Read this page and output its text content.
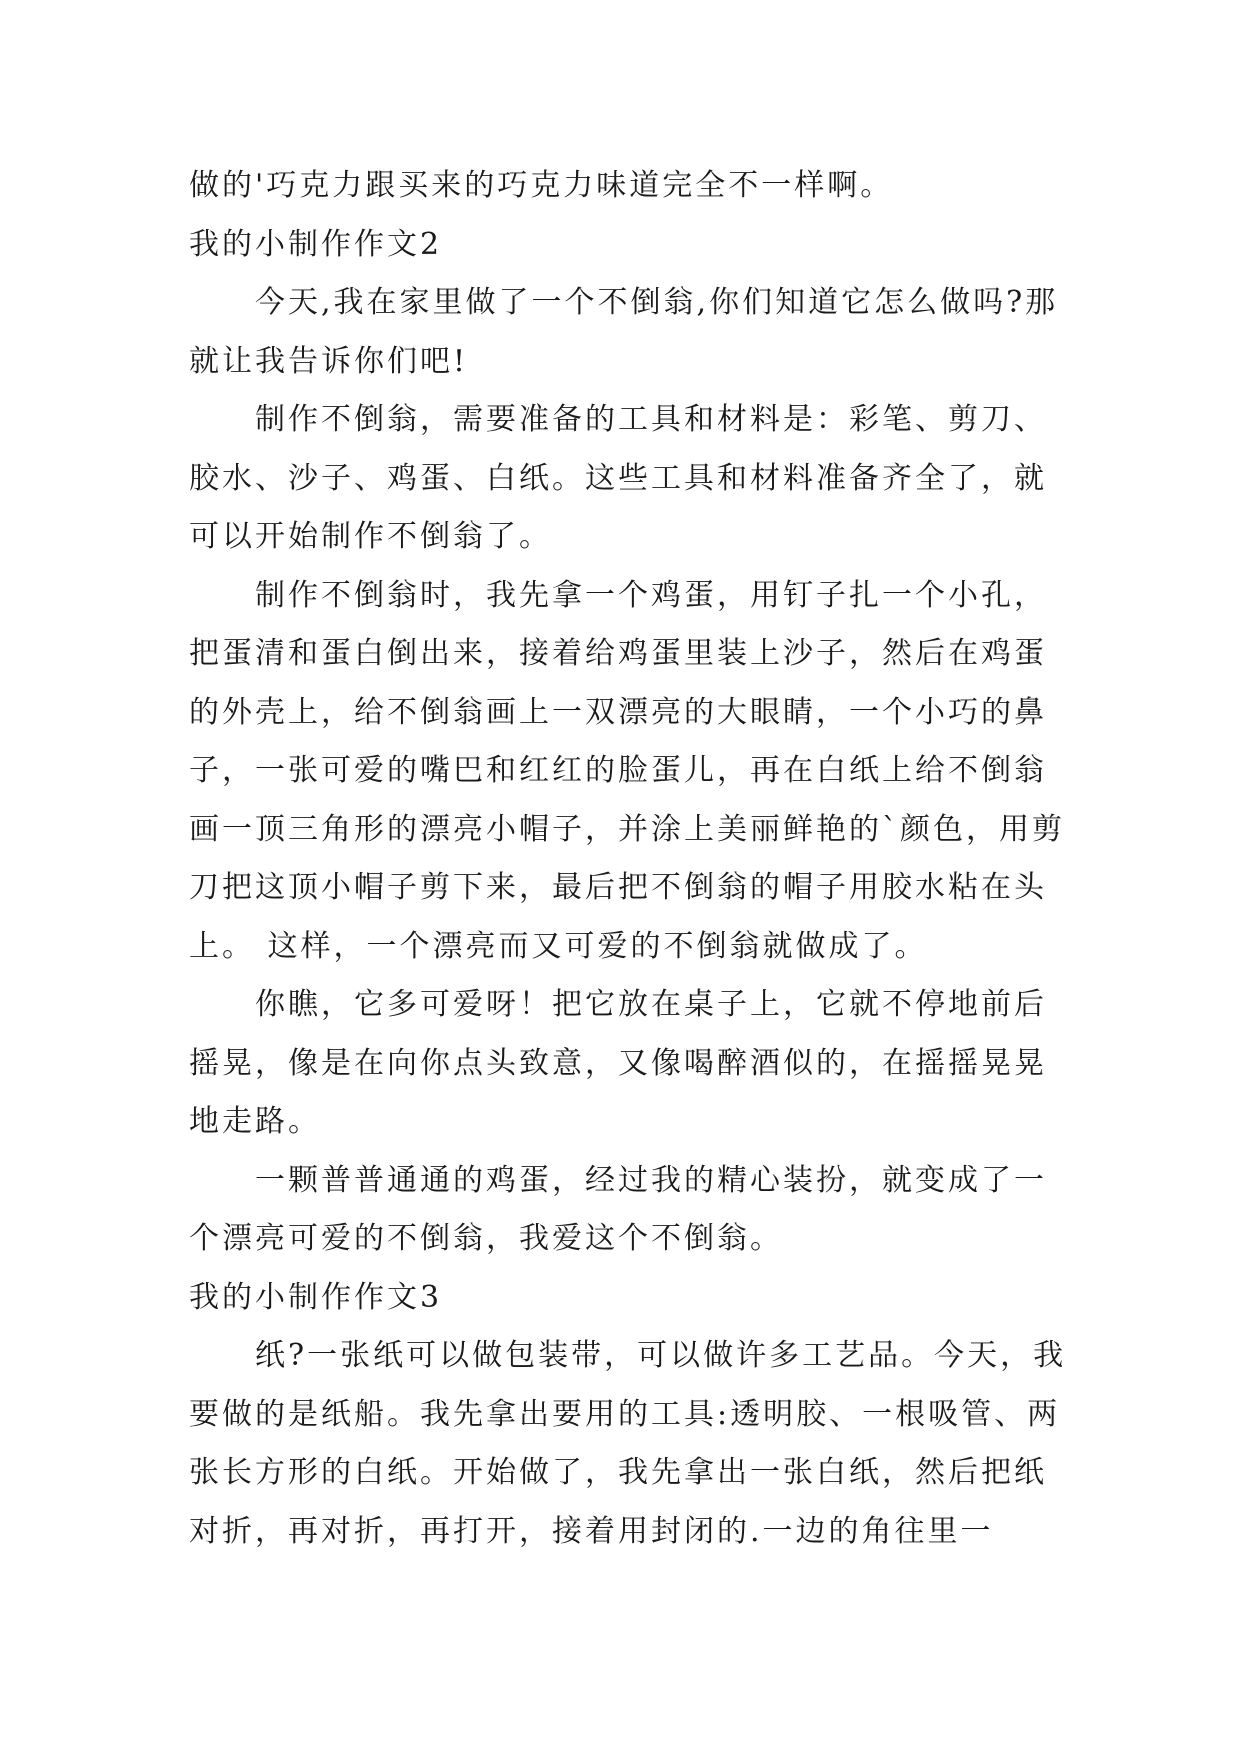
做的'巧克力跟买来的巧克力味道完全不一样啊。

我的小制作作文2

今天,我在家里做了一个不倒翁,你们知道它怎么做吗?那就让我告诉你们吧!

制作不倒翁，需要准备的工具和材料是：彩笔、剪刀、胶水、沙子、鸡蛋、白纸。这些工具和材料准备齐全了，就可以开始制作不倒翁了。

制作不倒翁时，我先拿一个鸡蛋，用钉子扎一个小孔，把蛋清和蛋白倒出来，接着给鸡蛋里装上沙子，然后在鸡蛋的外壳上，给不倒翁画上一双漂亮的大眼睛，一个小巧的鼻子，一张可爱的嘴巴和红红的脸蛋儿，再在白纸上给不倒翁画一顶三角形的漂亮小帽子，并涂上美丽鲜艳的`颜色，用剪刀把这顶小帽子剪下来，最后把不倒翁的帽子用胶水粘在头上。 这样，一个漂亮而又可爱的不倒翁就做成了。

你瞧，它多可爱呀！把它放在桌子上，它就不停地前后摇晃，像是在向你点头致意，又像喝醉酒似的，在摇摇晃晃地走路。

一颗普普通通的鸡蛋，经过我的精心装扮，就变成了一个漂亮可爱的不倒翁，我爱这个不倒翁。

我的小制作作文3

纸?一张纸可以做包装带，可以做许多工艺品。今天，我要做的是纸船。我先拿出要用的工具:透明胶、一根吸管、两张长方形的白纸。开始做了，我先拿出一张白纸，然后把纸对折，再对折，再打开，接着用封闭的.一边的角往里一
